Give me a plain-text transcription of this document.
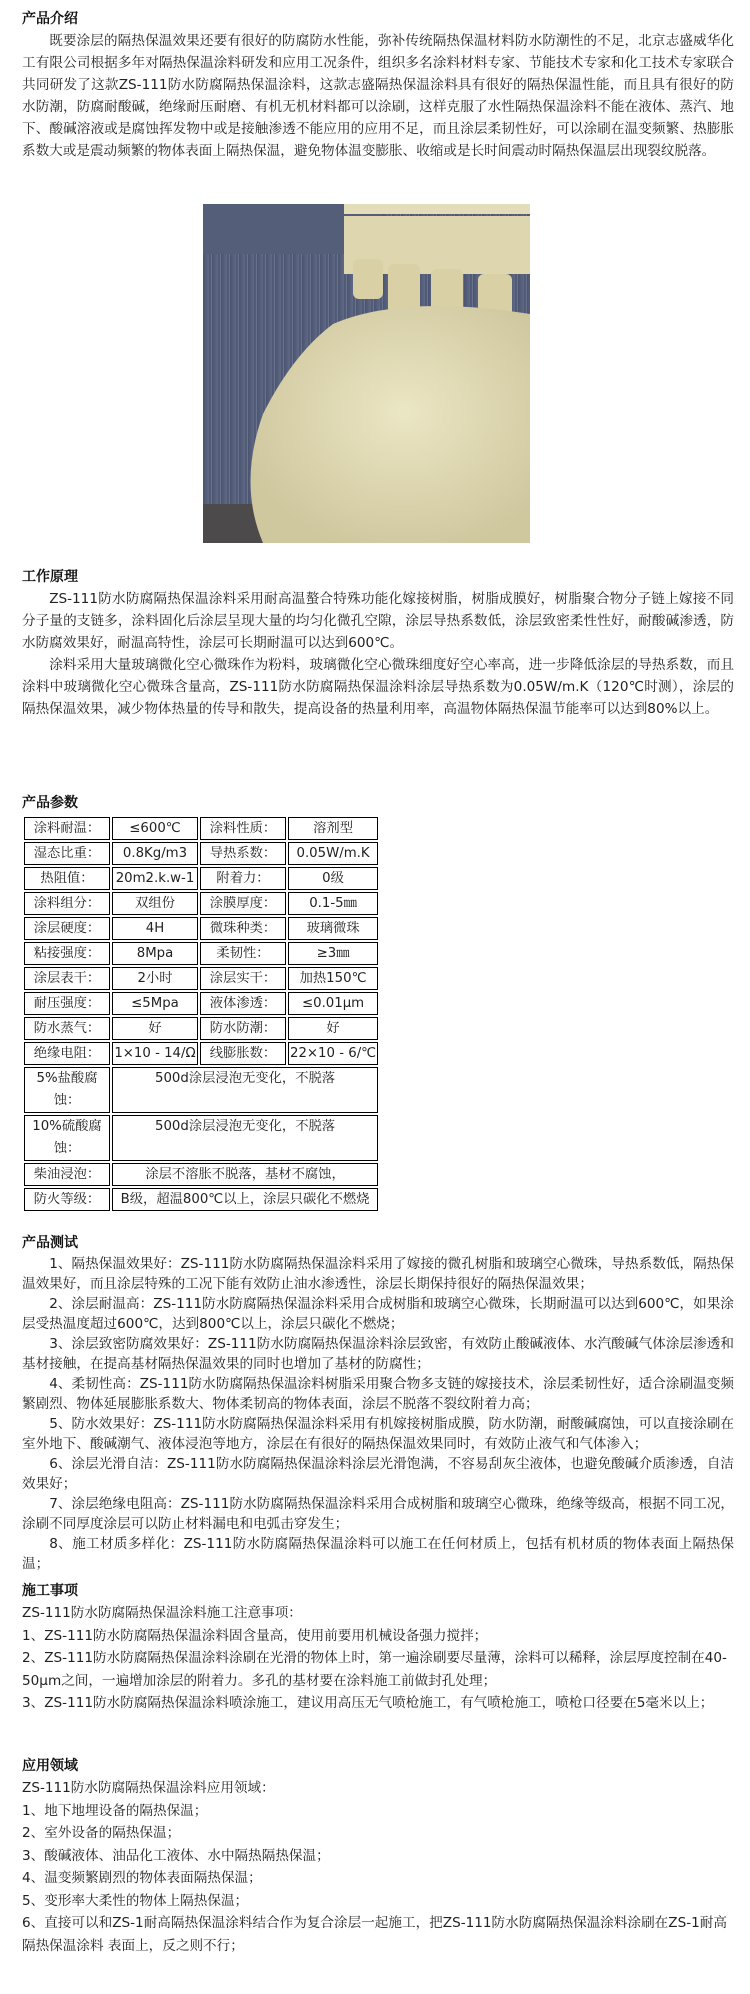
产品介绍
既要涂层的隔热保温效果还要有很好的防腐防水性能，弥补传统隔热保温材料防水防潮性的不足，北京志盛威华化工有限公司根据多年对隔热保温涂料研发和应用工况条件，组织多名涂料材料专家、节能技术专家和化工技术专家联合共同研发了这款ZS-111防水防腐隔热保温涂料，这款志盛隔热保温涂料具有很好的隔热保温性能，而且具有很好的防水防潮，防腐耐酸碱，绝缘耐压耐磨、有机无机材料都可以涂刷，这样克服了水性隔热保温涂料不能在液体、蒸汽、地下、酸碱溶液或是腐蚀挥发物中或是接触渗透不能应用的应用不足，而且涂层柔韧性好，可以涂刷在温变频繁、热膨胀系数大或是震动频繁的物体表面上隔热保温，避免物体温变膨胀、收缩或是长时间震动时隔热保温层出现裂纹脱落。
工作原理
ZS-111防水防腐隔热保温涂料采用耐高温螯合特殊功能化嫁接树脂，树脂成膜好，树脂聚合物分子链上嫁接不同分子量的支链多，涂料固化后涂层呈现大量的均匀化微孔空隙，涂层导热系数低，涂层致密柔性性好，耐酸碱渗透，防水防腐效果好，耐温高特性，涂层可长期耐温可以达到600℃。
涂料采用大量玻璃微化空心微珠作为粉料，玻璃微化空心微珠细度好空心率高，进一步降低涂层的导热系数，而且涂料中玻璃微化空心微珠含量高，ZS-111防水防腐隔热保温涂料涂层导热系数为0.05W/m.K（120℃时测），涂层的隔热保温效果，减少物体热量的传导和散失，提高设备的热量利用率，高温物体隔热保温节能率可以达到80%以上。
产品参数
涂料耐温：	≤600℃	涂料性质：	溶剂型
湿态比重：	0.8Kg/m3	导热系数：	0.05W/m.K
热阻值：	20m2.k.w-1	附着力：	0级
涂料组分：	双组份	涂膜厚度：	0.1-5㎜
涂层硬度：	4H	微珠种类：	玻璃微珠
粘接强度：	8Mpa	柔韧性：	≥3㎜
涂层表干：	2小时	涂层实干：	加热150℃
耐压强度：	≤5Mpa	液体渗透：	≤0.01μm
防水蒸气：	好	防水防潮：	好
绝缘电阻：	1×10 - 14/Ω	线膨胀数：	22×10 - 6/℃
5%盐酸腐蚀：	500d涂层浸泡无变化，不脱落		
10%硫酸腐蚀：	500d涂层浸泡无变化，不脱落		
柴油浸泡：	涂层不溶胀不脱落，基材不腐蚀，		
防火等级：	B级，超温800℃以上，涂层只碳化不燃烧		
产品测试
1、隔热保温效果好：ZS-111防水防腐隔热保温涂料采用了嫁接的微孔树脂和玻璃空心微珠，导热系数低，隔热保温效果好，而且涂层特殊的工况下能有效防止油水渗透性，涂层长期保持很好的隔热保温效果；
2、涂层耐温高：ZS-111防水防腐隔热保温涂料采用合成树脂和玻璃空心微珠，长期耐温可以达到600℃，如果涂层受热温度超过600℃，达到800℃以上，涂层只碳化不燃烧；
3、涂层致密防腐效果好：ZS-111防水防腐隔热保温涂料涂层致密，有效防止酸碱液体、水汽酸碱气体涂层渗透和基材接触，在提高基材隔热保温效果的同时也增加了基材的防腐性；
4、柔韧性高：ZS-111防水防腐隔热保温涂料树脂采用聚合物多支链的嫁接技术，涂层柔韧性好，适合涂刷温变频繁剧烈、物体延展膨胀系数大、物体柔韧高的物体表面，涂层不脱落不裂纹附着力高；
5、防水效果好：ZS-111防水防腐隔热保温涂料采用有机嫁接树脂成膜，防水防潮，耐酸碱腐蚀，可以直接涂刷在室外地下、酸碱潮气、液体浸泡等地方，涂层在有很好的隔热保温效果同时，有效防止液气和气体渗入；
6、涂层光滑自洁：ZS-111防水防腐隔热保温涂料涂层光滑饱满，不容易刮灰尘液体，也避免酸碱介质渗透，自洁效果好；
7、涂层绝缘电阻高：ZS-111防水防腐隔热保温涂料采用合成树脂和玻璃空心微珠，绝缘等级高，根据不同工况，涂刷不同厚度涂层可以防止材料漏电和电弧击穿发生；
8、施工材质多样化：ZS-111防水防腐隔热保温涂料可以施工在任何材质上，包括有机材质的物体表面上隔热保温；
施工事项
ZS-111防水防腐隔热保温涂料施工注意事项：
1、ZS-111防水防腐隔热保温涂料固含量高，使用前要用机械设备强力搅拌；
2、ZS-111防水防腐隔热保温涂料涂刷在光滑的物体上时，第一遍涂刷要尽量薄，涂料可以稀释，涂层厚度控制在40-50μm之间，一遍增加涂层的附着力。多孔的基材要在涂料施工前做封孔处理；
3、ZS-111防水防腐隔热保温涂料喷涂施工，建议用高压无气喷枪施工，有气喷枪施工，喷枪口径要在5毫米以上；
应用领域
ZS-111防水防腐隔热保温涂料应用领域：
1、地下地埋设备的隔热保温；
2、室外设备的隔热保温；
3、酸碱液体、油品化工液体、水中隔热隔热保温；
4、温变频繁剧烈的物体表面隔热保温；
5、变形率大柔性的物体上隔热保温；
6、直接可以和ZS-1耐高隔热保温涂料结合作为复合涂层一起施工，把ZS-111防水防腐隔热保温涂料涂刷在ZS-1耐高隔热保温涂料 表面上，反之则不行；
